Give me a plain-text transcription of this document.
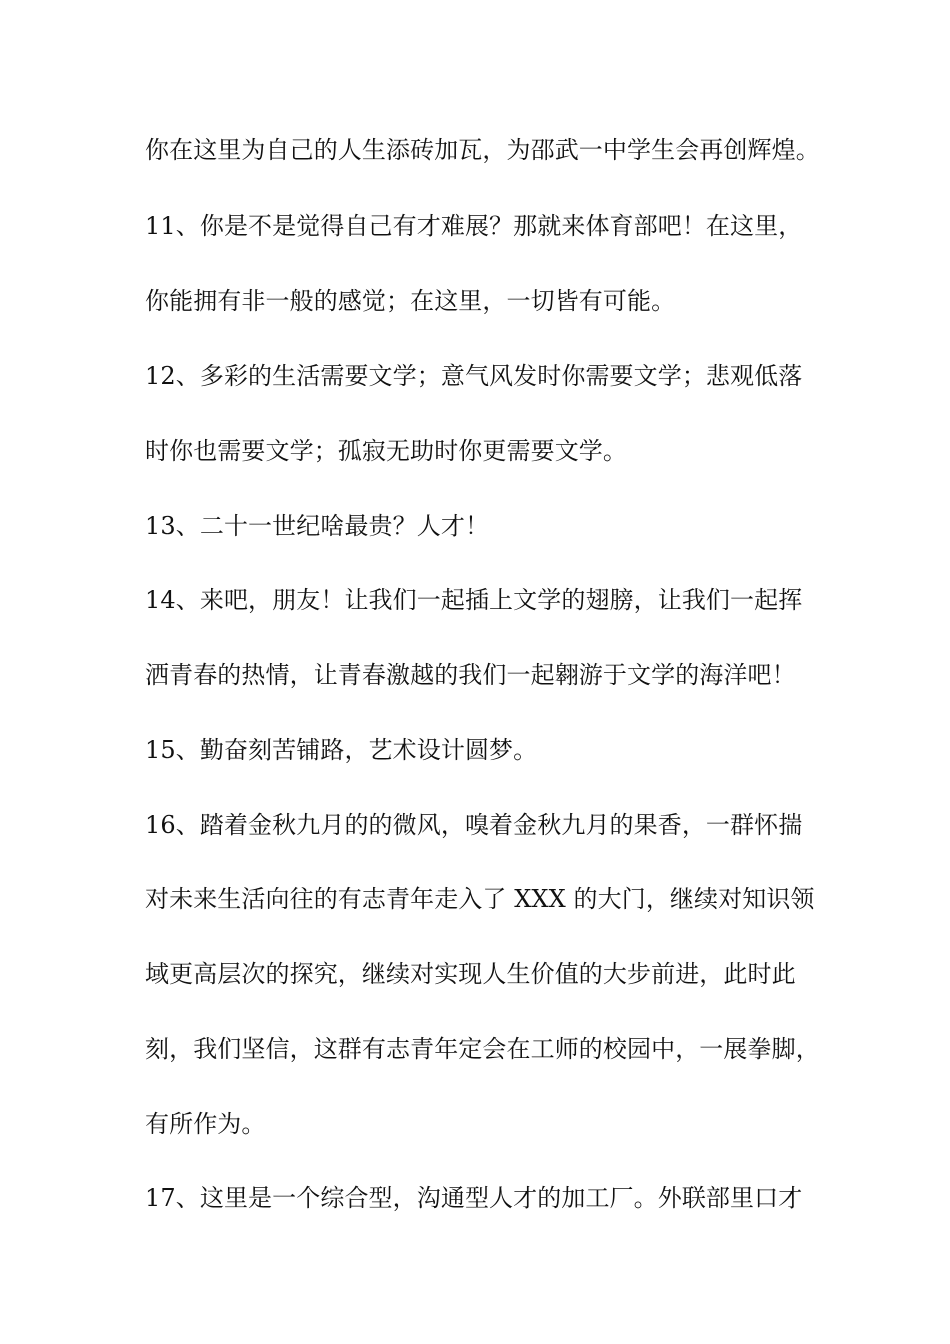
你在这里为自己的人生添砖加瓦，为邵武一中学生会再创辉煌。

11、你是不是觉得自己有才难展？那就来体育部吧！在这里，

你能拥有非一般的感觉；在这里，一切皆有可能。

12、多彩的生活需要文学；意气风发时你需要文学；悲观低落

时你也需要文学；孤寂无助时你更需要文学。

13、二十一世纪啥最贵？人才！

14、来吧，朋友！让我们一起插上文学的翅膀，让我们一起挥

洒青春的热情，让青春激越的我们一起翱游于文学的海洋吧！

15、勤奋刻苦铺路，艺术设计圆梦。

16、踏着金秋九月的的微风，嗅着金秋九月的果香，一群怀揣

对未来生活向往的有志青年走入了 XXX 的大门，继续对知识领

域更高层次的探究，继续对实现人生价值的大步前进，此时此

刻，我们坚信，这群有志青年定会在工师的校园中，一展拳脚，

有所作为。

17、这里是一个综合型，沟通型人才的加工厂。外联部里口才
